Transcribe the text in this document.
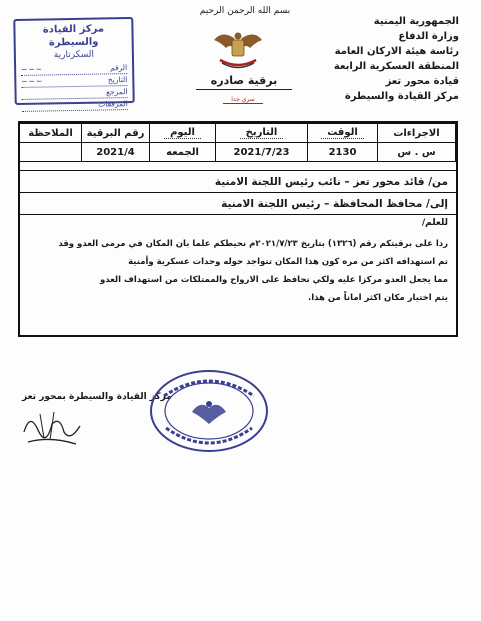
الجمهورية اليمنية
وزارة الدفاع
رئاسة هيئة الاركان العامة
المنطقة العسكرية الرابعة
قيادة محور تعز
مركز القيادة والسيطرة
بسم الله الرحمن الرحيم
برقية صادره
سري جدا
مركز القيادة والسيطرة
السكرتارية
الرقم
~~~
التاريخ
~~~
المرجع
المرفقات
الاجراءات	الوقت	التاريخ	اليوم	رقم البرقية	الملاحظة
س . س	2130	2021/7/23	الجمعه	2021/4	
من/ قائد محور تعز – نائب رئيس اللجنة الامنية
إلى/ محافظ المحافظة – رئيس اللجنة الامنية
للعلم/
ردا على برقيتكم رقم (١٣٢٦) بتاريخ ٢٠٢١/٧/٢٣م نحيطكم علما بان المكان في مرمى العدو وقد
تم استهدافه اكثر من مره كون هذا المكان تتواجد حوله وحدات عسكرية وأمنية
مما يجعل العدو مركزا عليه ولكي نحافظ على الارواح والممتلكات من استهداف العدو
يتم اختيار مكان اكثر اماناً من هذا.
مركز القيادة والسيطرة بمحور تعز
